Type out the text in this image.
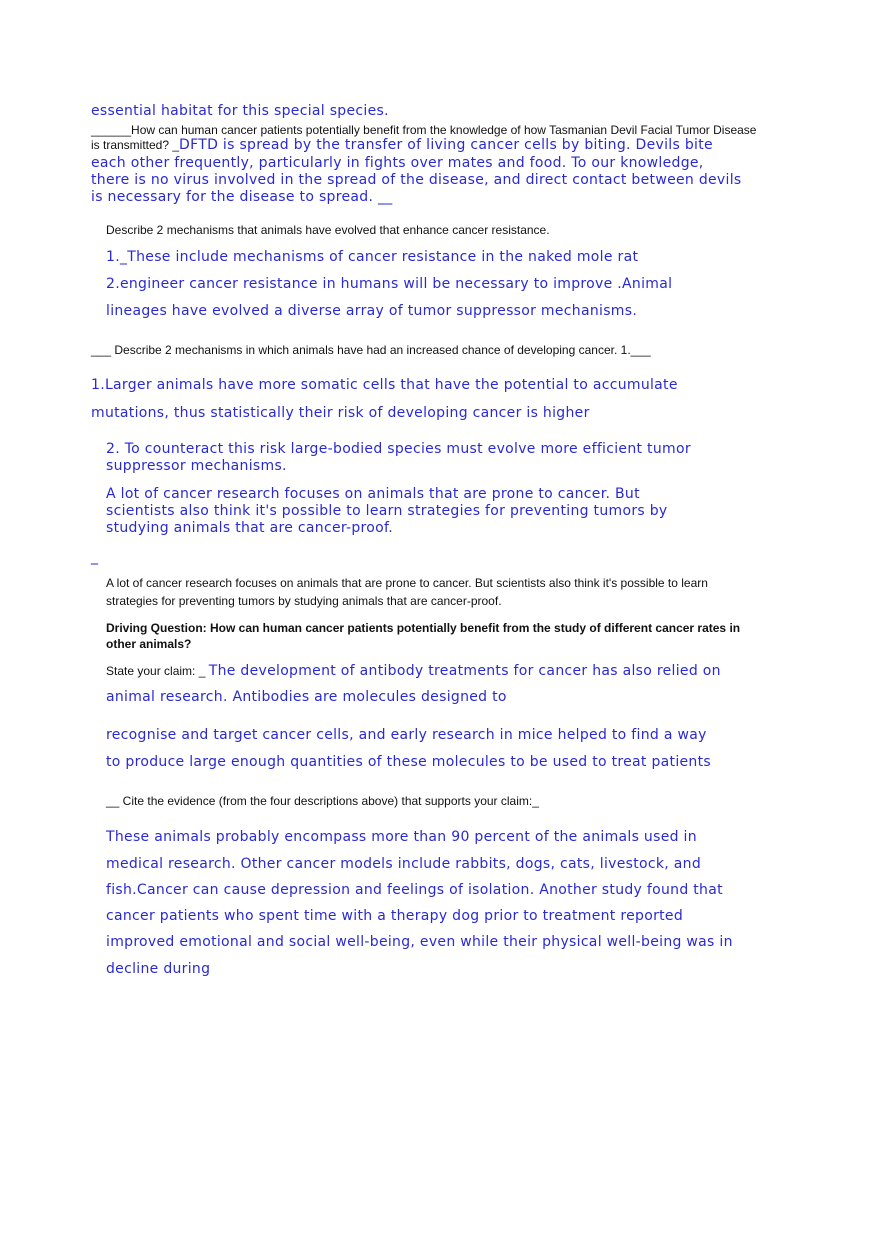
essential habitat for this special species.
______How can human cancer patients potentially benefit from the knowledge of how Tasmanian Devil Facial Tumor Disease
is transmitted? _DFTD is spread by the transfer of living cancer cells by biting. Devils bite
each other frequently, particularly in fights over mates and food. To our knowledge,
there is no virus involved in the spread of the disease, and direct contact between devils
is necessary for the disease to spread. __
Describe 2 mechanisms that animals have evolved that enhance cancer resistance.
1._These include mechanisms of cancer resistance in the naked mole rat
2.engineer cancer resistance in humans will be necessary to improve .Animal
lineages have evolved a diverse array of tumor suppressor mechanisms.
___ Describe 2 mechanisms in which animals have had an increased chance of developing cancer. 1.___
1.Larger animals have more somatic cells that have the potential to accumulate
mutations, thus statistically their risk of developing cancer is higher
2. To counteract this risk large-bodied species must evolve more efficient tumor
suppressor mechanisms.
A lot of cancer research focuses on animals that are prone to cancer. But
scientists also think it's possible to learn strategies for preventing tumors by
studying animals that are cancer-proof.
_
A lot of cancer research focuses on animals that are prone to cancer. But scientists also think it's possible to learn
strategies for preventing tumors by studying animals that are cancer-proof.
Driving Question: How can human cancer patients potentially benefit from the study of different cancer rates in
other animals?
State your claim: _ The development of antibody treatments for cancer has also relied on
animal research. Antibodies are molecules designed to
recognise and target cancer cells, and early research in mice helped to find a way
to produce large enough quantities of these molecules to be used to treat patients
__ Cite the evidence (from the four descriptions above) that supports your claim:_
These animals probably encompass more than 90 percent of the animals used in
medical research. Other cancer models include rabbits, dogs, cats, livestock, and
fish.Cancer can cause depression and feelings of isolation. Another study found that
cancer patients who spent time with a therapy dog prior to treatment reported
improved emotional and social well-being, even while their physical well-being was in
decline during
